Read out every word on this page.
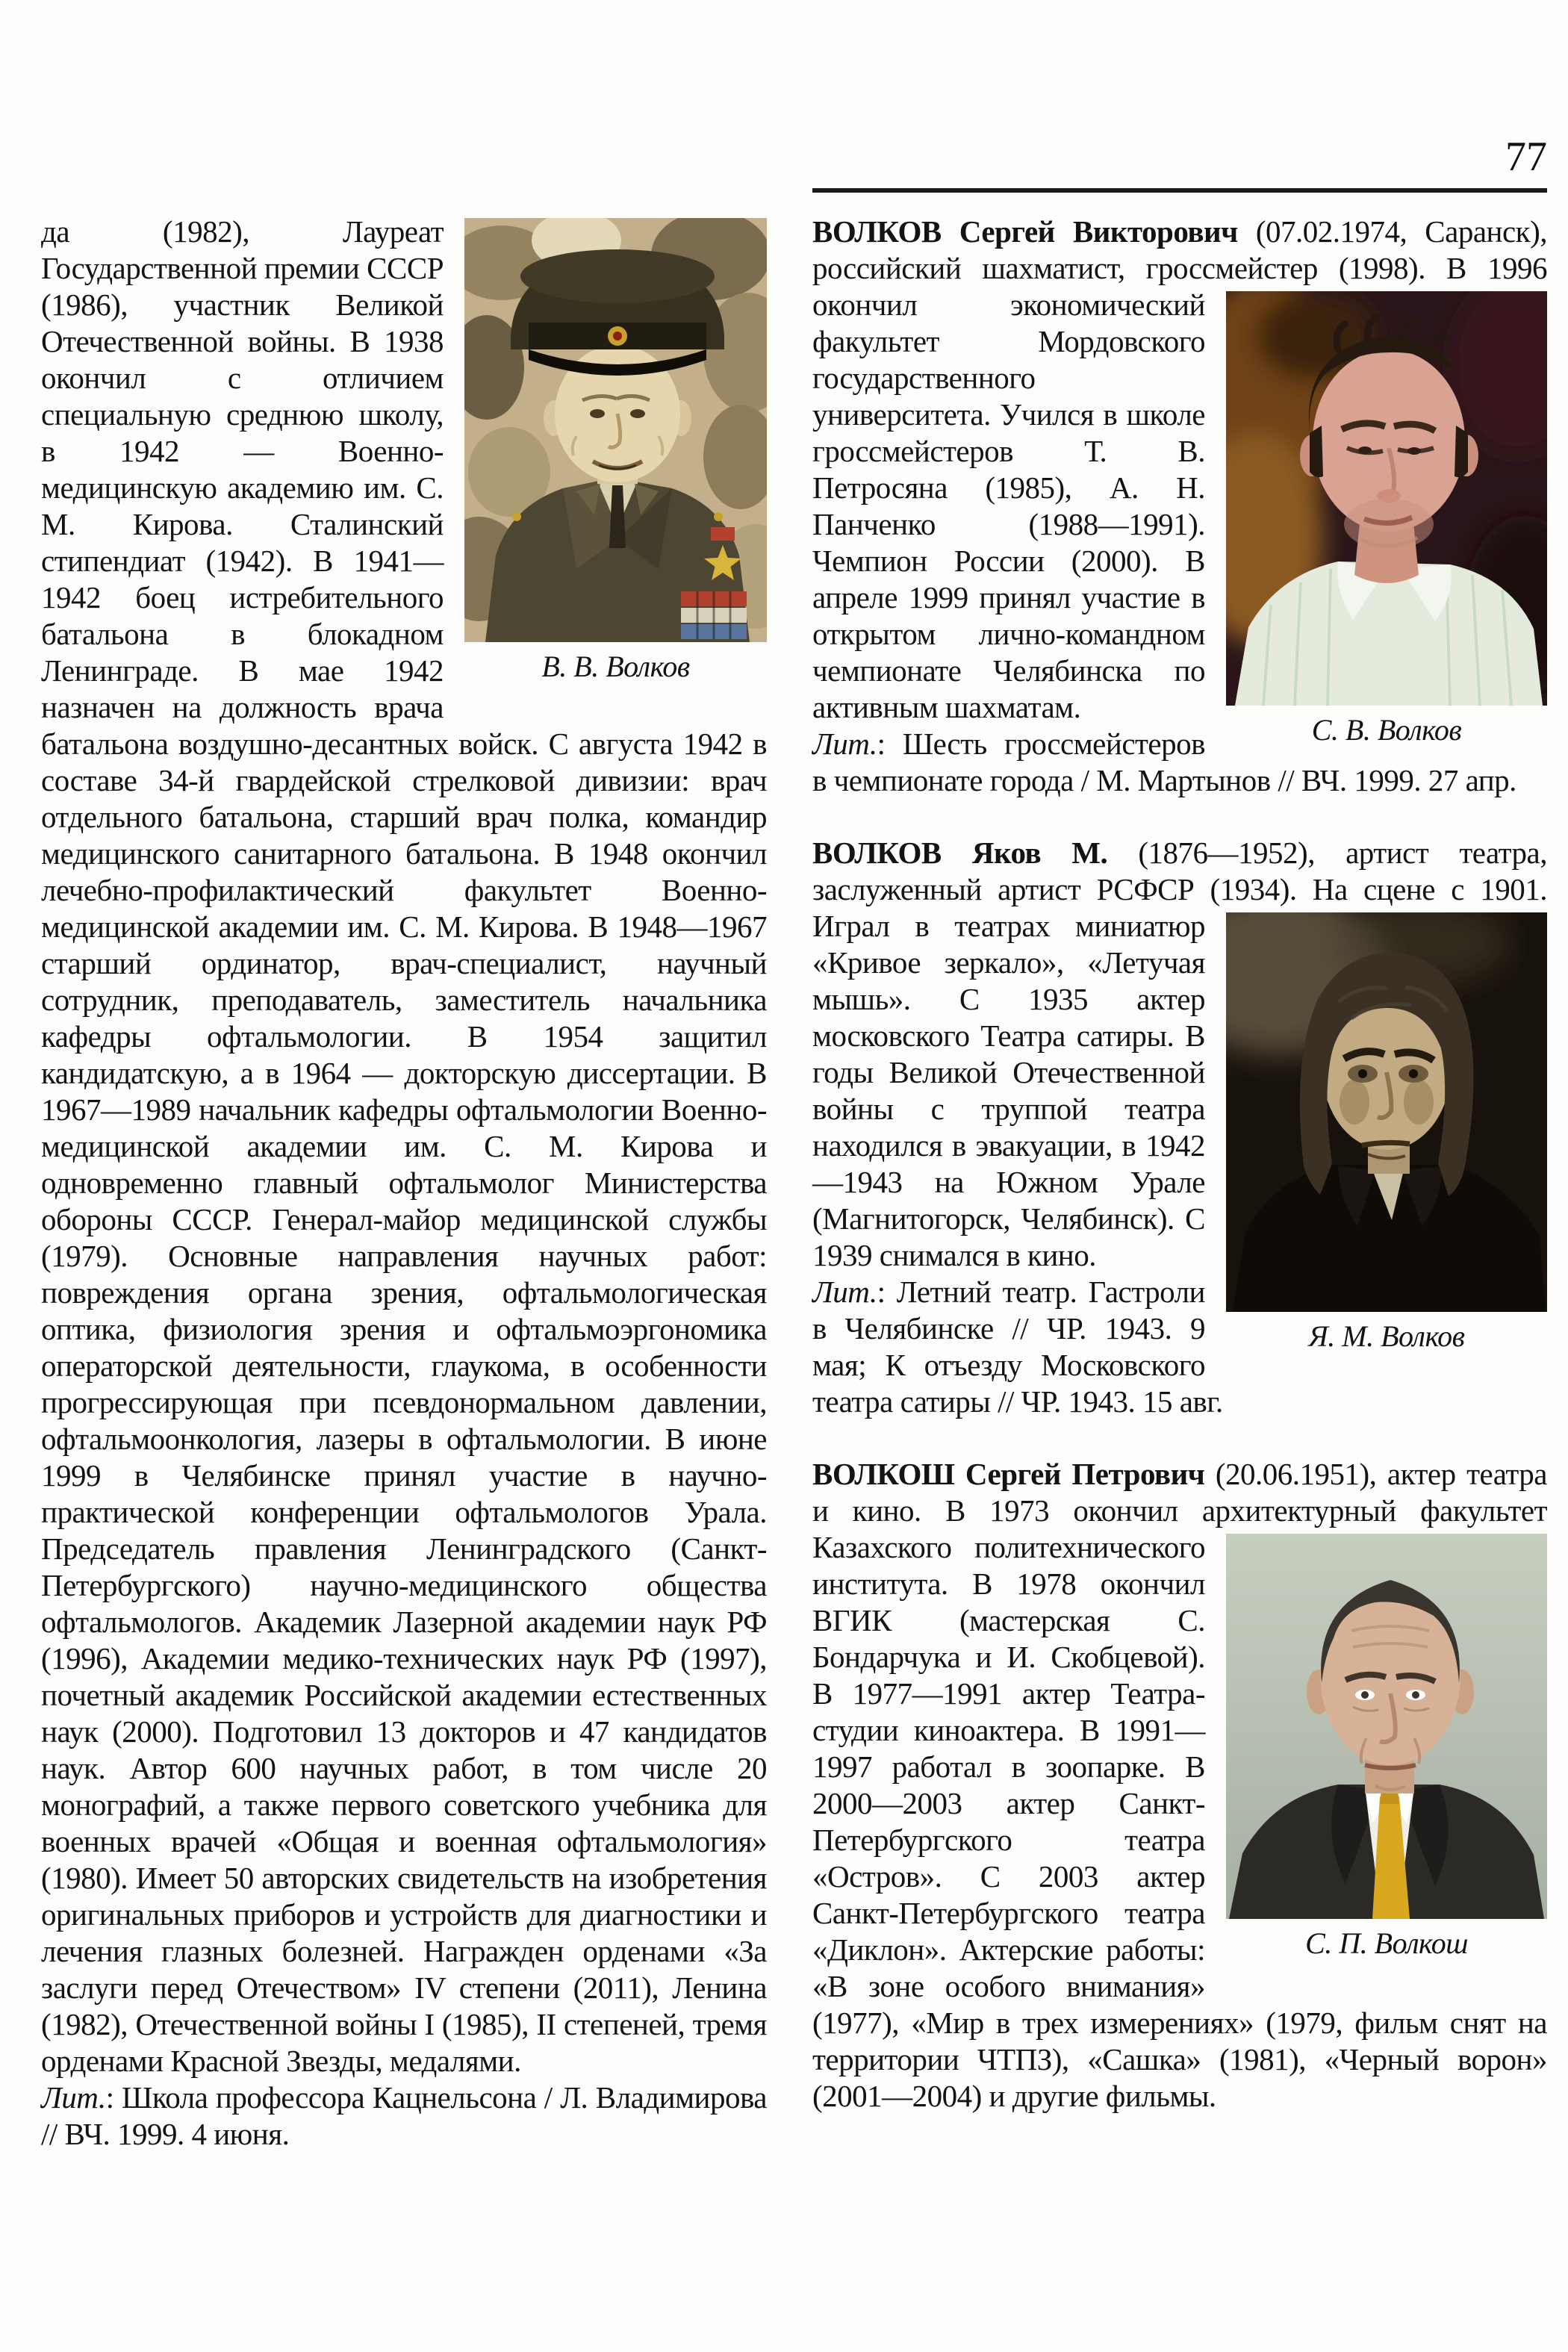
77

В. В. Волков
да (1982), Лауреат Государственной премии СССР (1986), участник Великой Отечественной войны. В 1938 окончил с отличием специальную среднюю школу, в 1942 — Военно-медицинскую академию им. С. М. Кирова. Сталинский стипендиат (1942). В 1941—1942 боец истребительного батальона в блокадном Ленинграде. В мае 1942 назначен на должность врача батальона воздушно-десантных войск. С августа 1942 в составе 34-й гвардейской стрелковой дивизии: врач отдельного батальона, старший врач полка, командир медицинского санитарного батальона. В 1948 окончил лечебно-профилактический факультет Военно-медицинской академии им. С. М. Кирова. В 1948—1967 старший ординатор, врач-специалист, научный сотрудник, преподаватель, заместитель начальника кафедры офтальмологии. В 1954 защитил кандидатскую, а в 1964 — докторскую диссертации. В 1967—1989 начальник кафедры офтальмологии Военно-медицинской академии им. С. М. Кирова и одновременно главный офтальмолог Министерства обороны СССР. Генерал-майор медицинской службы (1979). Основные направления научных работ: повреждения органа зрения, офтальмологическая оптика, физиология зрения и офтальмоэргономика операторской деятельности, глаукома, в особенности прогрессирующая при псевдонормальном давлении, офтальмоонкология, лазеры в офтальмологии. В июне 1999 в Челябинске принял участие в научно-практической конференции офтальмологов Урала. Председатель правления Ленинградского (Санкт-Петербургского) научно-медицинского общества офтальмологов. Академик Лазерной академии наук РФ (1996), Академии медико-технических наук РФ (1997), почетный академик Российской академии естественных наук (2000). Подготовил 13 докторов и 47 кандидатов наук. Автор 600 научных работ, в том числе 20 монографий, а также первого советского учебника для военных врачей «Общая и военная офтальмология» (1980). Имеет 50 авторских свидетельств на изобретения оригинальных приборов и устройств для диагностики и лечения глазных болезней. Награжден орденами «За заслуги перед Отечеством» IV степени (2011), Ленина (1982), Отечественной войны I (1985), II степеней, тремя орденами Красной Звезды, медалями.

Лит.: Школа профессора Кацнельсона / Л. Владимирова // ВЧ. 1999. 4 июня.

ВОЛКОВ Сергей Викторович (07.02.1974, Саранск), российский шахматист, гроссмейстер
С. В. Волков
(1998). В 1996 окончил экономический факультет Мордовского государственного университета. Учился в школе гроссмейстеров Т. В. Петросяна (1985), А. Н. Панченко (1988—1991). Чемпион России (2000). В апреле 1999 принял участие в открытом лично-командном чемпионате Челябинска по активным шахматам.

Лит.: Шесть гроссмейстеров в чемпионате города / М. Мартынов // ВЧ. 1999. 27 апр.

ВОЛКОВ Яков М. (1876—1952), артист театра, заслуженный артист РСФСР (1934). На сцене с
Я. М. Волков
1901. Играл в театрах миниатюр «Кривое зеркало», «Летучая мышь». С 1935 актер московского Театра сатиры. В годы Великой Отечественной войны с труппой театра находился в эвакуации, в 1942—1943 на Южном Урале (Магнитогорск, Челябинск). С 1939 снимался в кино.

Лит.: Летний театр. Гастроли в Челябинске // ЧР. 1943. 9 мая; К отъезду Московского театра сатиры // ЧР. 1943. 15 авг.

ВОЛКОШ Сергей Петрович (20.06.1951), актер театра и кино. В 1973 окончил архитектурный
С. П. Волкош
факультет Казахского политехнического института. В 1978 окончил ВГИК (мастерская С. Бондарчука и И. Скобцевой). В 1977—1991 актер Театра-студии киноактера. В 1991—1997 работал в зоопарке. В 2000—2003 актер Санкт-Петербургского театра «Остров». С 2003 актер Санкт-Петербургского театра «Диклон». Актерские работы: «В зоне особого внимания» (1977), «Мир в трех измерениях» (1979, фильм снят на территории ЧТПЗ), «Сашка» (1981), «Черный ворон» (2001—2004) и другие фильмы.
